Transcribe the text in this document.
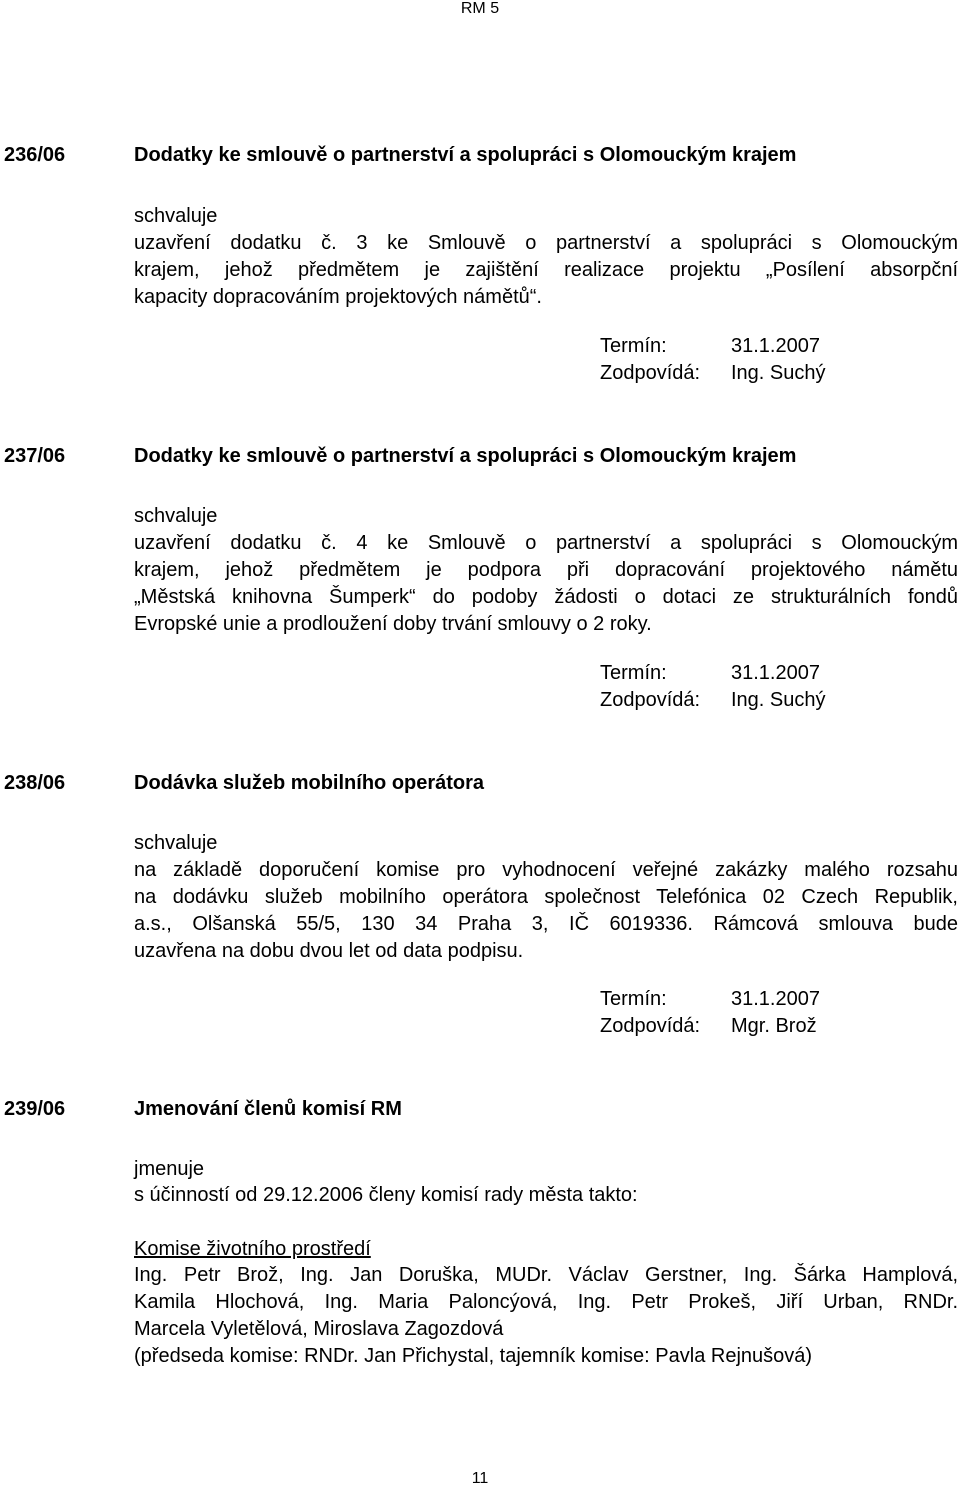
RM 5
236/06	Dodatky ke smlouvě o partnerství a spolupráci s Olomouckým krajem
schvaluje
uzavření dodatku č. 3 ke Smlouvě o partnerství a spolupráci s Olomouckým
krajem, jehož předmětem je zajištění realizace projektu „Posílení absorpční
kapacity dopracováním projektových námětů“.
Termín:	31.1.2007
Zodpovídá: Ing. Suchý
237/06	Dodatky ke smlouvě o partnerství a spolupráci s Olomouckým krajem
schvaluje
uzavření dodatku č. 4 ke Smlouvě o partnerství a spolupráci s Olomouckým
krajem, jehož předmětem je podpora při dopracování projektového námětu
„Městská knihovna Šumperk“ do podoby žádosti o dotaci ze strukturálních fondů
Evropské unie a prodloužení doby trvání smlouvy o 2 roky.
Termín:	31.1.2007
Zodpovídá: Ing. Suchý
238/06	Dodávka služeb mobilního operátora
schvaluje
na základě doporučení komise pro vyhodnocení veřejné zakázky malého rozsahu
na dodávku služeb mobilního operátora společnost Telefónica 02 Czech Republik,
a.s., Olšanská 55/5, 130 34 Praha 3, IČ 6019336. Rámcová smlouva bude
uzavřena na dobu dvou let od data podpisu.
Termín:	31.1.2007
Zodpovídá: Mgr. Brož
239/06	Jmenování členů komisí RM
jmenuje
s účinností od 29.12.2006 členy komisí rady města takto:
Komise životního prostředí
Ing. Petr Brož, Ing. Jan Doruška, MUDr. Václav Gerstner, Ing. Šárka Hamplová,
Kamila Hlochová, Ing. Maria Paloncýová, Ing. Petr Prokeš, Jiří Urban, RNDr.
Marcela Vyletělová, Miroslava Zagozdová
(předseda komise: RNDr. Jan Přichystal, tajemník komise: Pavla Rejnušová)
11
